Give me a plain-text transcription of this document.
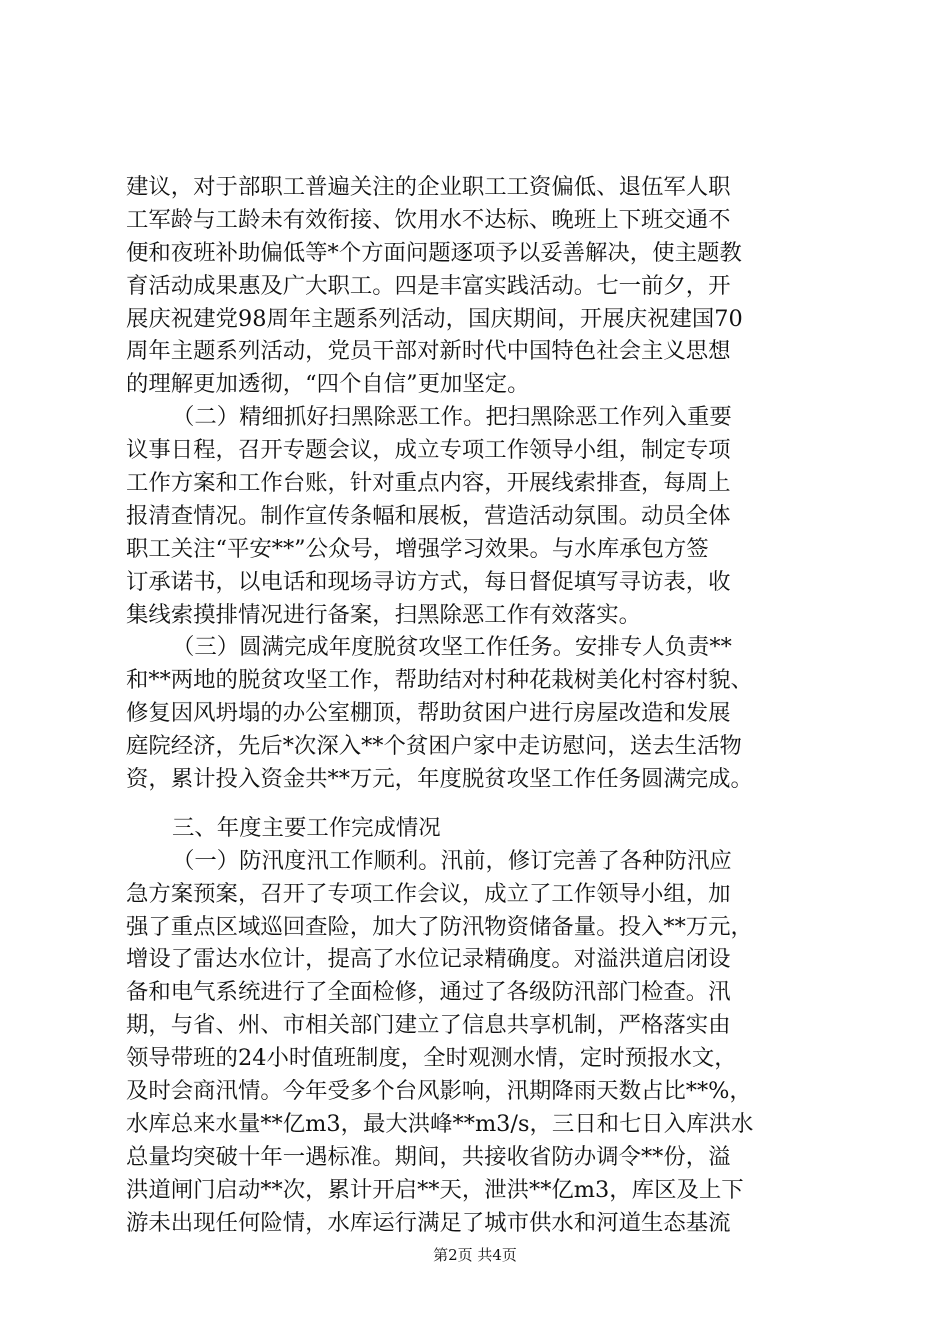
建议，对于部职工普遍关注的企业职工工资偏低、退伍军人职
工军龄与工龄未有效衔接、饮用水不达标、晚班上下班交通不
便和夜班补助偏低等*个方面问题逐项予以妥善解决，使主题教
育活动成果惠及广大职工。四是丰富实践活动。七一前夕，开
展庆祝建党98周年主题系列活动，国庆期间，开展庆祝建国70
周年主题系列活动，党员干部对新时代中国特色社会主义思想
的理解更加透彻，“四个自信”更加坚定。
（二）精细抓好扫黑除恶工作。把扫黑除恶工作列入重要
议事日程，召开专题会议，成立专项工作领导小组，制定专项
工作方案和工作台账，针对重点内容，开展线索排查，每周上
报清查情况。制作宣传条幅和展板，营造活动氛围。动员全体
职工关注“平安**”公众号，增强学习效果。与水库承包方签
订承诺书，以电话和现场寻访方式，每日督促填写寻访表，收
集线索摸排情况进行备案，扫黑除恶工作有效落实。
（三）圆满完成年度脱贫攻坚工作任务。安排专人负责**
和**两地的脱贫攻坚工作，帮助结对村种花栽树美化村容村貌、
修复因风坍塌的办公室棚顶，帮助贫困户进行房屋改造和发展
庭院经济，先后*次深入**个贫困户家中走访慰问，送去生活物
资，累计投入资金共**万元，年度脱贫攻坚工作任务圆满完成。
三、年度主要工作完成情况
（一）防汛度汛工作顺利。汛前，修订完善了各种防汛应
急方案预案，召开了专项工作会议，成立了工作领导小组，加
强了重点区域巡回查险，加大了防汛物资储备量。投入**万元，
增设了雷达水位计，提高了水位记录精确度。对溢洪道启闭设
备和电气系统进行了全面检修，通过了各级防汛部门检查。汛
期，与省、州、市相关部门建立了信息共享机制，严格落实由
领导带班的24小时值班制度，全时观测水情，定时预报水文，
及时会商汛情。今年受多个台风影响，汛期降雨天数占比**%，
水库总来水量**亿m3，最大洪峰**m3/s，三日和七日入库洪水
总量均突破十年一遇标准。期间，共接收省防办调令**份，溢
洪道闸门启动**次，累计开启**天，泄洪**亿m3，库区及上下
游未出现任何险情，水库运行满足了城市供水和河道生态基流
第2页 共4页
